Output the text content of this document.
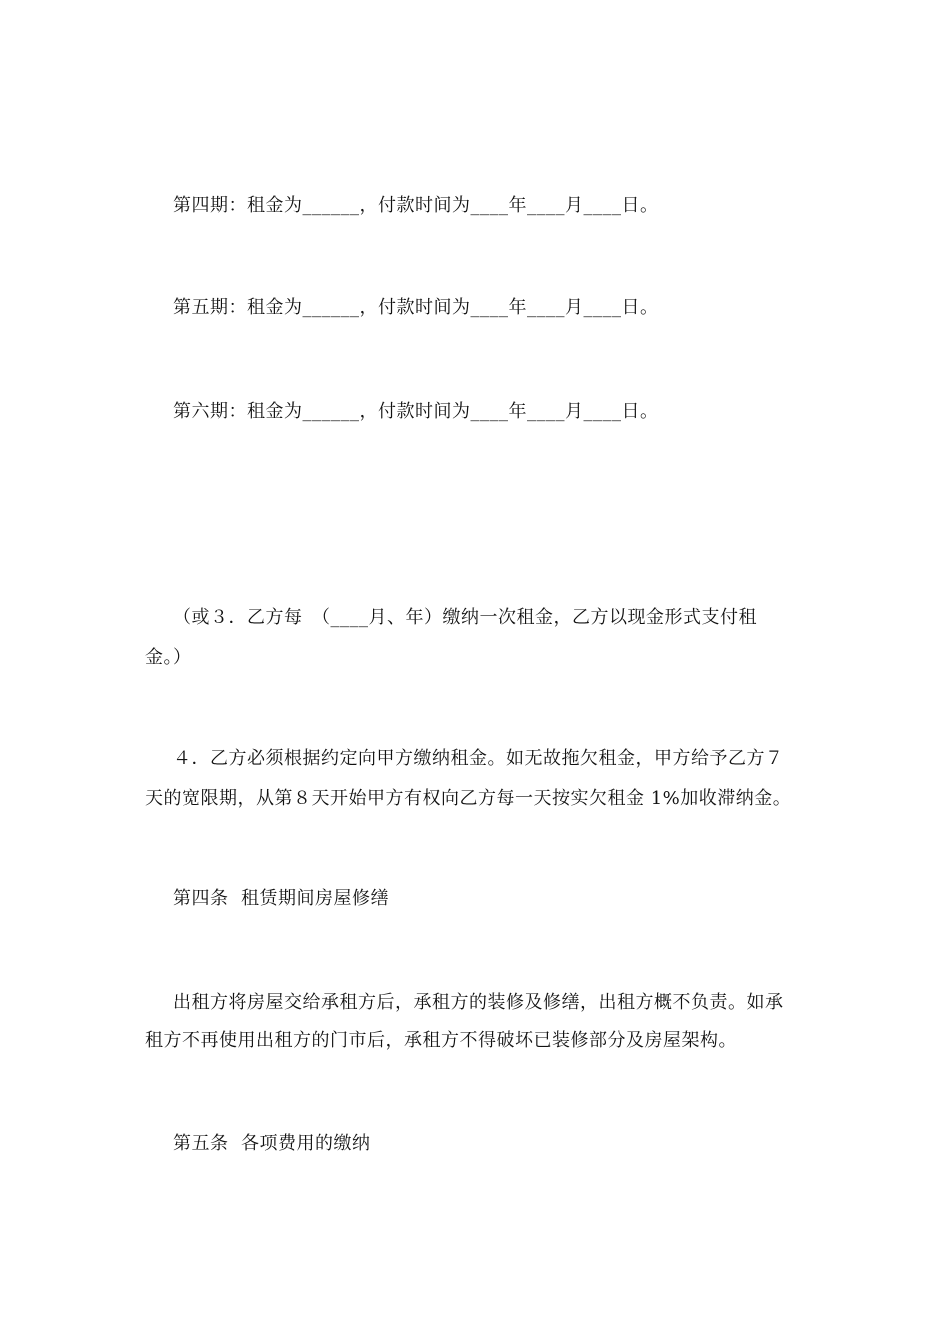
第四期：租金为______，付款时间为____年____月____日。
第五期：租金为______，付款时间为____年____月____日。
第六期：租金为______，付款时间为____年____月____日。
（或３．乙方每　（____月、年）缴纳一次租金，乙方以现金形式支付租
金。）
４．乙方必须根据约定向甲方缴纳租金。如无故拖欠租金，甲方给予乙方７
天的宽限期，从第８天开始甲方有权向乙方每一天按实欠租金 1%加收滞纳金。
第四条  租赁期间房屋修缮
出租方将房屋交给承租方后，承租方的装修及修缮，出租方概不负责。如承
租方不再使用出租方的门市后，承租方不得破坏已装修部分及房屋架构。
第五条  各项费用的缴纳
